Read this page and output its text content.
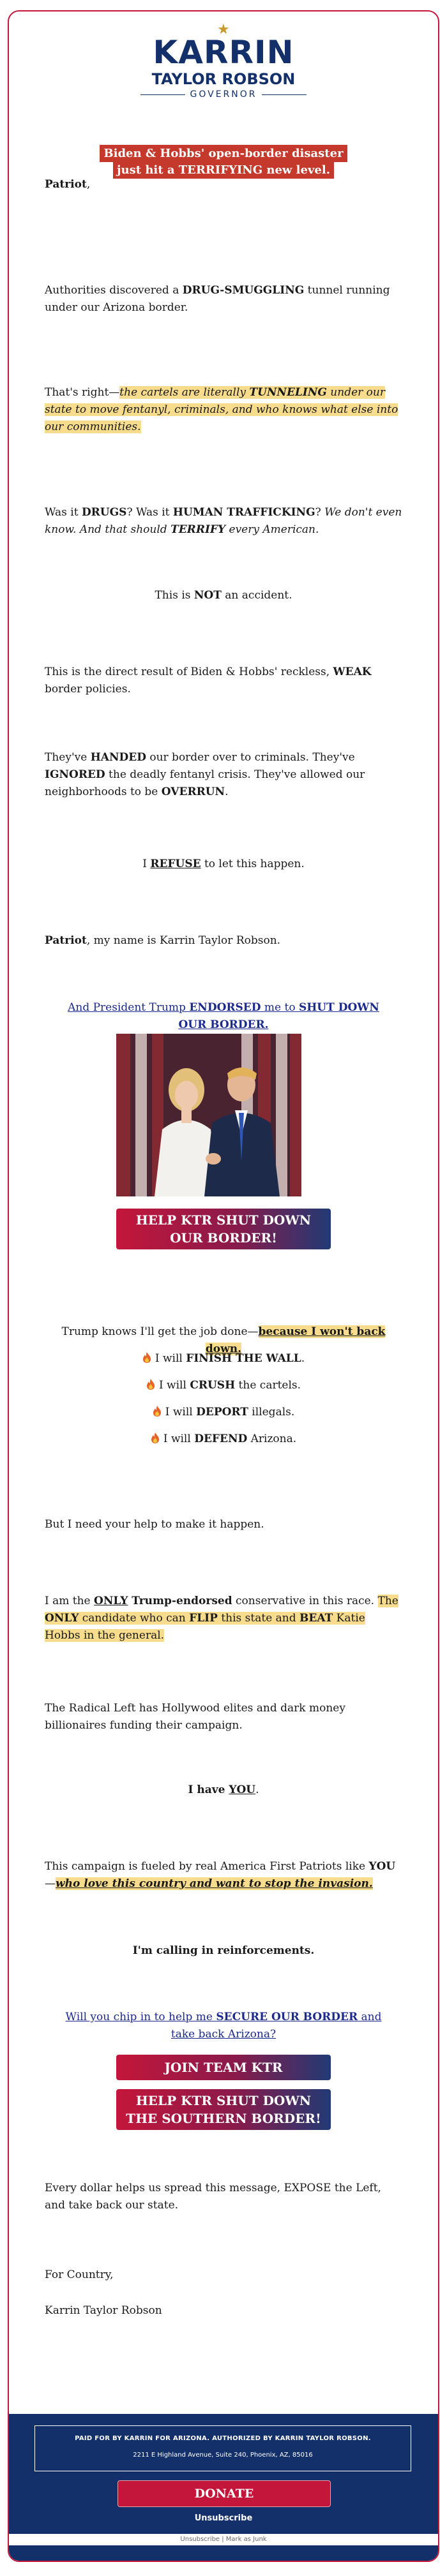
★
KARRIN
TAYLOR ROBSON
GOVERNOR
Biden & Hobbs' open-border disaster just hit a TERRIFYING new level.

Patriot,

Authorities discovered a DRUG-SMUGGLING tunnel running under our Arizona border.

That's right—the cartels are literally TUNNELING under our state to move fentanyl, criminals, and who knows what else into our communities.

Was it DRUGS? Was it HUMAN TRAFFICKING? We don't even know. And that should TERRIFY every American.

This is NOT an accident.

This is the direct result of Biden & Hobbs' reckless, WEAK border policies.

They've HANDED our border over to criminals. They've IGNORED the deadly fentanyl crisis. They've allowed our neighborhoods to be OVERRUN.

I REFUSE to let this happen.

Patriot, my name is Karrin Taylor Robson.

And President Trump ENDORSED me to SHUT DOWN OUR BORDER.

HELP KTR SHUT DOWN OUR BORDER!

Trump knows I'll get the job done—because I won't back down.

I will FINISH THE WALL.

I will CRUSH the cartels.

I will DEPORT illegals.

I will DEFEND Arizona.

But I need your help to make it happen.

I am the ONLY Trump-endorsed conservative in this race. The ONLY candidate who can FLIP this state and BEAT Katie Hobbs in the general.

The Radical Left has Hollywood elites and dark money billionaires funding their campaign.

I have YOU.

This campaign is fueled by real America First Patriots like YOU—who love this country and want to stop the invasion.

I'm calling in reinforcements.

Will you chip in to help me SECURE OUR BORDER and take back Arizona?

JOIN TEAM KTR
HELP KTR SHUT DOWN THE SOUTHERN BORDER!

Every dollar helps us spread this message, EXPOSE the Left, and take back our state.

For Country,

Karrin Taylor Robson

PAID FOR BY KARRIN FOR ARIZONA. AUTHORIZED BY KARRIN TAYLOR ROBSON.
2211 E Highland Avenue, Suite 240, Phoenix, AZ, 85016
DONATE
Unsubscribe
Unsubscribe | Mark as Junk
